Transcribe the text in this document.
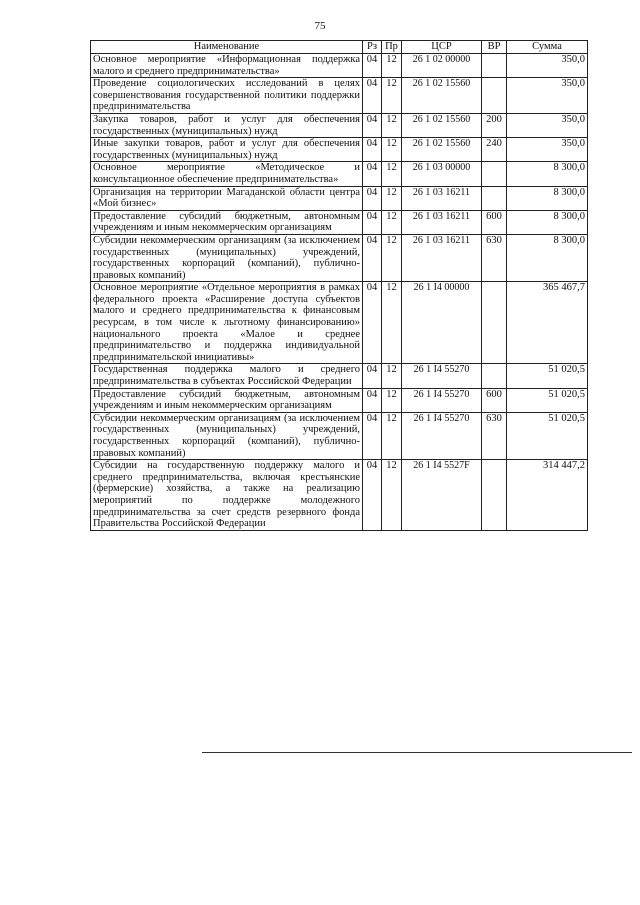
75
Наименование	Рз	Пр	ЦСР	ВР	Сумма
Основное мероприятие «Информационная поддержка малого и среднего предпринимательства»	04	12	26 1 02 00000		350,0
Проведение социологических исследований в целях совершенствования государственной политики поддержки предпринимательства	04	12	26 1 02 15560		350,0
Закупка товаров, работ и услуг для обеспечения государственных (муниципальных) нужд	04	12	26 1 02 15560	200	350,0
Иные закупки товаров, работ и услуг для обеспечения государственных (муниципальных) нужд	04	12	26 1 02 15560	240	350,0
Основное мероприятие «Методическое и консультационное обеспечение предпринимательства»	04	12	26 1 03 00000		8 300,0
Организация на территории Магаданской области центра «Мой бизнес»	04	12	26 1 03 16211		8 300,0
Предоставление субсидий бюджетным, автономным учреждениям и иным некоммерческим организациям	04	12	26 1 03 16211	600	8 300,0
Субсидии некоммерческим организациям (за исключением государственных (муниципальных) учреждений, государственных корпораций (компаний), публично-правовых компаний)	04	12	26 1 03 16211	630	8 300,0
Основное мероприятие «Отдельное мероприятия в рамках федерального проекта «Расширение доступа субъектов малого и среднего предпринимательства к финансовым ресурсам, в том числе к льготному финансированию» национального проекта «Малое и среднее предпринимательство и поддержка индивидуальной предпринимательской инициативы»	04	12	26 1 I4 00000		365 467,7
Государственная поддержка малого и среднего предпринимательства в субъектах Российской Федерации	04	12	26 1 I4 55270		51 020,5
Предоставление субсидий бюджетным, автономным учреждениям и иным некоммерческим организациям	04	12	26 1 I4 55270	600	51 020,5
Субсидии некоммерческим организациям (за исключением государственных (муниципальных) учреждений, государственных корпораций (компаний), публично-правовых компаний)	04	12	26 1 I4 55270	630	51 020,5
Субсидии на государственную поддержку малого и среднего предпринимательства, включая крестьянские (фермерские) хозяйства, а также на реализацию мероприятий по поддержке молодежного предпринимательства за счет средств резервного фонда Правительства Российской Федерации	04	12	26 1 I4 5527F		314 447,2
